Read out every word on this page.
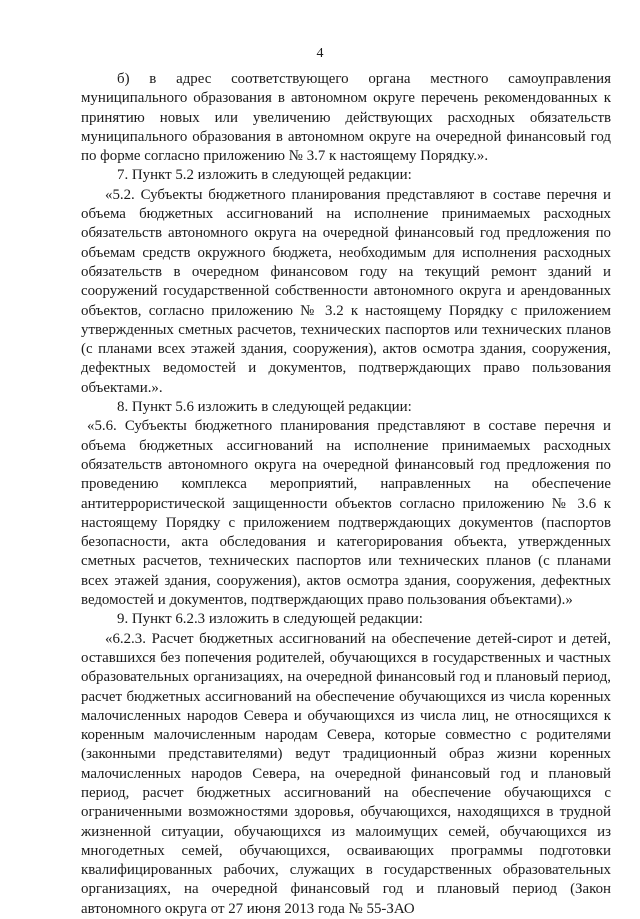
4

б) в адрес соответствующего органа местного самоуправления муниципального образования в автономном округе перечень рекомендованных к принятию новых или увеличению действующих расходных обязательств муниципального образования в автономном округе на очередной финансовый год по форме согласно приложению № 3.7 к настоящему Порядку.».

7. Пункт 5.2 изложить в следующей редакции:

«5.2. Субъекты бюджетного планирования представляют в составе перечня и объема бюджетных ассигнований на исполнение принимаемых расходных обязательств автономного округа на очередной финансовый год предложения по объемам средств окружного бюджета, необходимым для исполнения расходных обязательств в очередном финансовом году на текущий ремонт зданий и сооружений государственной собственности автономного округа и арендованных объектов, согласно приложению № 3.2 к настоящему Порядку с приложением утвержденных сметных расчетов, технических паспортов или технических планов (с планами всех этажей здания, сооружения), актов осмотра здания, сооружения, дефектных ведомостей и документов, подтверждающих право пользования объектами.».

8. Пункт 5.6 изложить в следующей редакции:

«5.6. Субъекты бюджетного планирования представляют в составе перечня и объема бюджетных ассигнований на исполнение принимаемых расходных обязательств автономного округа на очередной финансовый год предложения по проведению комплекса мероприятий, направленных на обеспечение антитеррористической защищенности объектов согласно приложению № 3.6 к настоящему Порядку с приложением подтверждающих документов (паспортов безопасности, акта обследования и категорирования объекта, утвержденных сметных расчетов, технических паспортов или технических планов (с планами всех этажей здания, сооружения), актов осмотра здания, сооружения, дефектных ведомостей и документов, подтверждающих право пользования объектами).»

9. Пункт 6.2.3 изложить в следующей редакции:

«6.2.3. Расчет бюджетных ассигнований на обеспечение детей-сирот и детей, оставшихся без попечения родителей, обучающихся в государственных и частных образовательных организациях, на очередной финансовый год и плановый период, расчет бюджетных ассигнований на обеспечение обучающихся из числа коренных малочисленных народов Севера и обучающихся из числа лиц, не относящихся к коренным малочисленным народам Севера, которые совместно с родителями (законными представителями) ведут традиционный образ жизни коренных малочисленных народов Севера, на очередной финансовый год и плановый период, расчет бюджетных ассигнований на обеспечение обучающихся с ограниченными возможностями здоровья, обучающихся, находящихся в трудной жизненной ситуации, обучающихся из малоимущих семей, обучающихся из многодетных семей, обучающихся, осваивающих программы подготовки квалифицированных рабочих, служащих в государственных образовательных организациях, на очередной финансовый год и плановый период (Закон автономного округа от 27 июня 2013 года № 55-ЗАО
